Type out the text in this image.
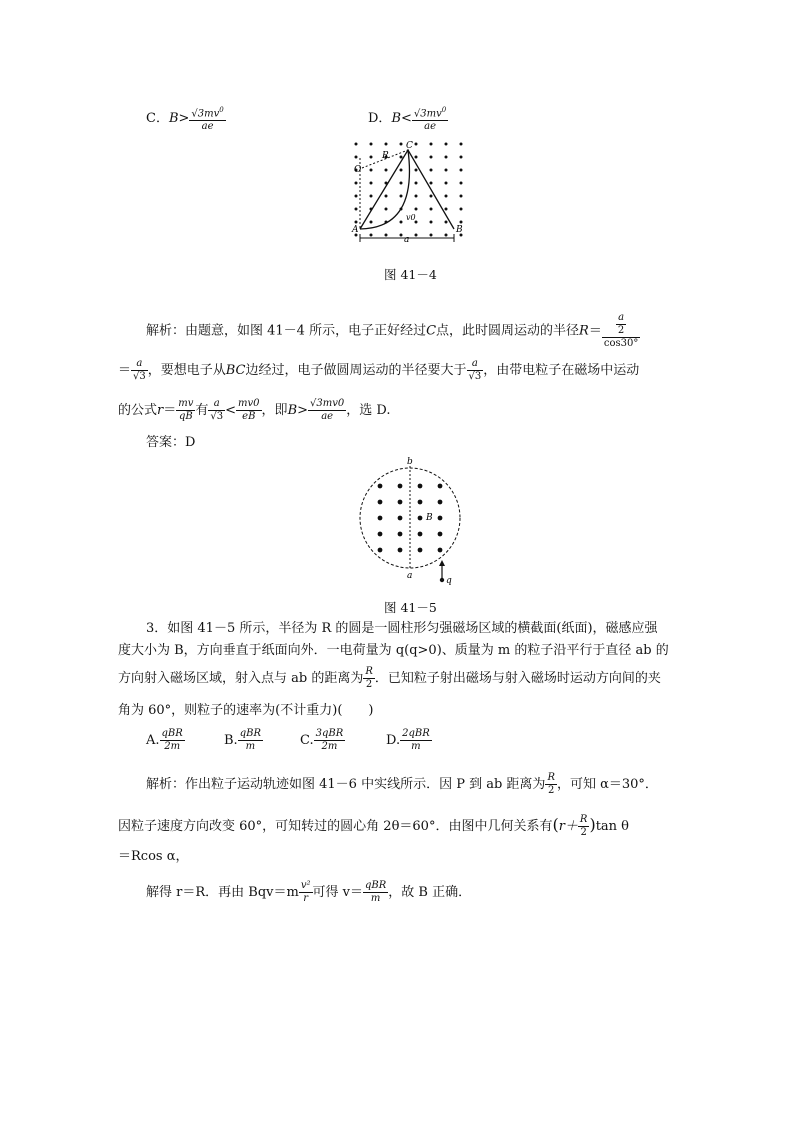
C．$B> \frac{√3mv^0}{ae}$	D．$B< \frac{√3mv^0}{ae}$
C
R
O
A	B
a
v0
图 41－4
解析：由题意，如图 41－4 所示，电子正好经过C点，此时圆周运动的半径$R= \frac{\frac{a}{2}}{\cos 30^\circ}$
＝ $\frac{a}{√3}$ ，要想电子从BC边经过，电子做圆周运动的半径要大于 $\frac{a}{√3}$ ，由带电粒子在磁场中运动
的公式$r= \frac{mv}{qB}$ 有 $\frac{a}{√3} < \frac{mv0}{eB}$ ，即$B> \frac{√3mv0}{ae}$ ，选 D.
答案：D
b
a
B
q
图 41－5
3．如图 41－5 所示，半径为 R 的圆是一圆柱形匀强磁场区域的横截面(纸面)，磁感应强
度大小为 B，方向垂直于纸面向外．一电荷量为 q(q>0)、质量为 m 的粒子沿平行于直径 ab 的
方向射入磁场区域，射入点与 ab 的距离为 $\frac{R}{2}$ ．已知粒子射出磁场与射入磁场时运动方向间的夹
角为 60°，则粒子的速率为(不计重力)(　　)
A. $\frac{\text{qBR}}{2m}$	B. $\frac{\text{qBR}}{m}$	C. $\frac{\text{3qBR}}{2m}$	D. $\frac{\text{2qBR}}{m}$
解析：作出粒子运动轨迹如图 41－6 中实线所示．因 P 到 ab 距离为 $\frac{R}{2}$ ，可知 α＝30°．
因粒子速度方向改变 60°，可知转过的圆心角 2θ＝60°．由图中几何关系有$(r+ \frac{R}{2} )\tan$ θ
＝Rcos α，
解得 r＝R．再由 $Bqv=m \frac{\text{v²}}{r}$ 可得 $v= \frac{\text{qBR}}{m}$ ，故 B 正确．
